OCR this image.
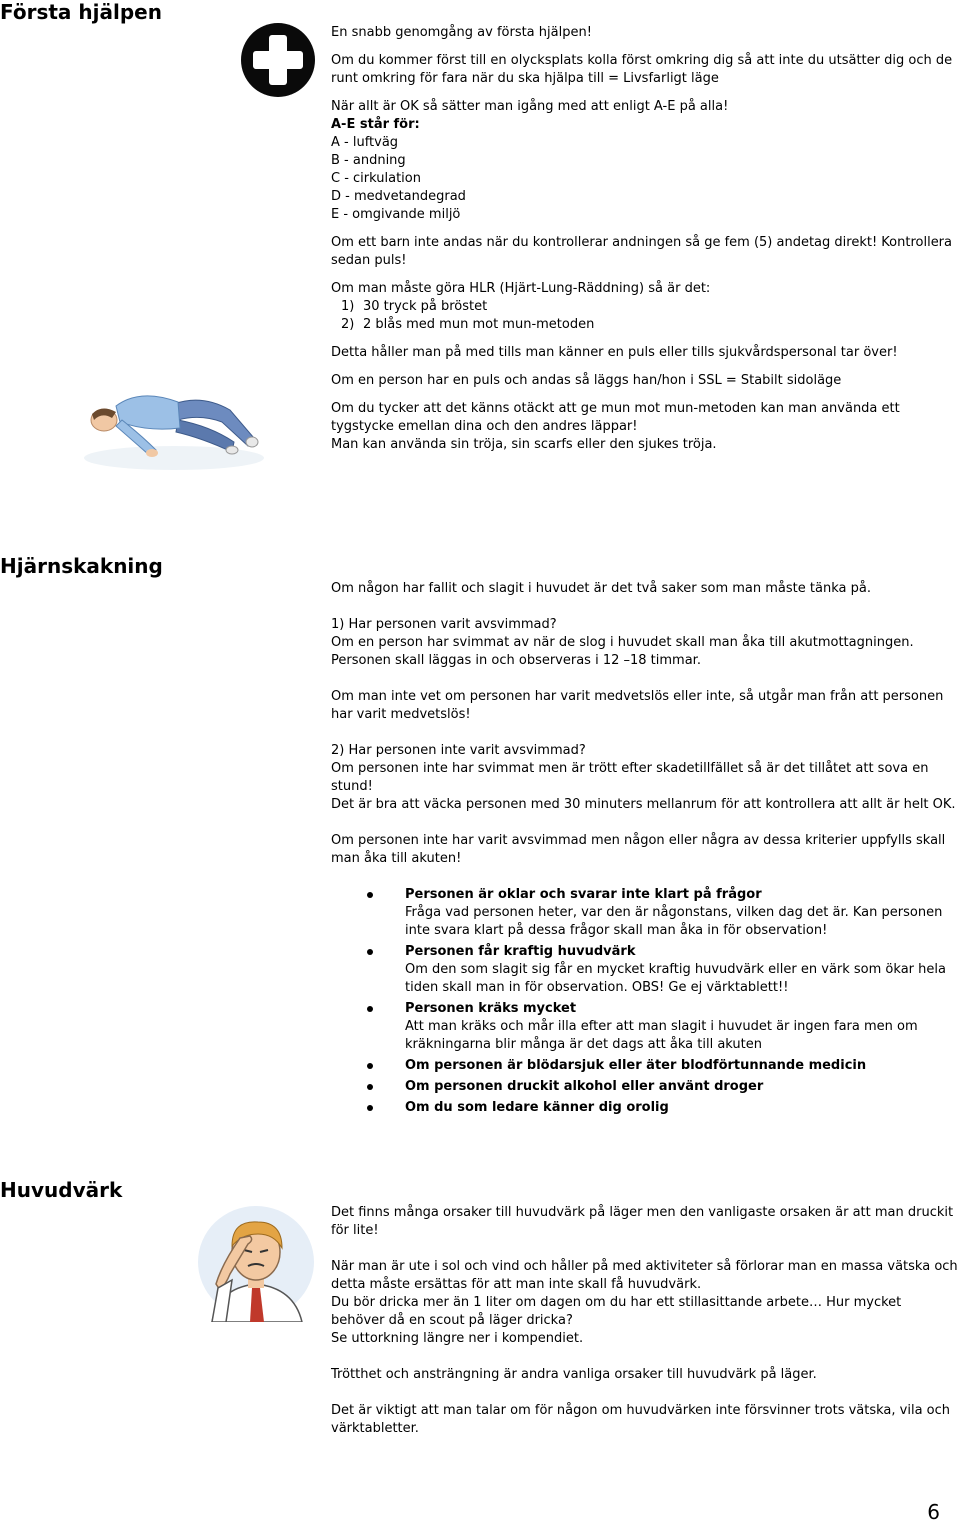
Första hjälpen

En snabb genomgång av första hjälpen!

Om du kommer först till en olycksplats kolla först omkring dig så att inte du utsätter dig och de runt omkring för fara när du ska hjälpa till = Livsfarligt läge

När allt är OK så sätter man igång med att enligt A-E på alla!

A-E står för:

A - luftväg

B - andning

C - cirkulation

D - medvetandegrad

E - omgivande miljö

Om ett barn inte andas när du kontrollerar andningen så ge fem (5) andetag direkt! Kontrollera sedan puls!

Om man måste göra HLR (Hjärt-Lung-Räddning) så är det:

1) 30 tryck på bröstet
2) 2 blås med mun mot mun-metoden

Detta håller man på med tills man känner en puls eller tills sjukvårdspersonal tar över!

Om en person har en puls och andas så läggs han/hon i SSL = Stabilt sidoläge

Om du tycker att det känns otäckt att ge mun mot mun-metoden kan man använda ett tygstycke emellan dina och den andres läppar!

Man kan använda sin tröja, sin scarfs eller den sjukes tröja.

Hjärnskakning

Om någon har fallit och slagit i huvudet är det två saker som man måste tänka på.

1) Har personen varit avsvimmad?

Om en person har svimmat av när de slog i huvudet skall man åka till akutmottagningen.

Personen skall läggas in och observeras i 12 –18 timmar.

Om man inte vet om personen har varit medvetslös eller inte, så utgår man från att personen har varit medvetslös!

2) Har personen inte varit avsvimmad?

Om personen inte har svimmat men är trött efter skadetillfället så är det tillåtet att sova en stund!

Det är bra att väcka personen med 30 minuters mellanrum för att kontrollera att allt är helt OK.

Om personen inte har varit avsvimmad men någon eller några av dessa kriterier uppfylls skall man åka till akuten!

Personen är oklar och svarar inte klart på frågor

Fråga vad personen heter, var den är någonstans, vilken dag det är. Kan personen inte svara klart på dessa frågor skall man åka in för observation!

Personen får kraftig huvudvärk

Om den som slagit sig får en mycket kraftig huvudvärk eller en värk som ökar hela tiden skall man in för observation. OBS! Ge ej värktablett!!

Personen kräks mycket

Att man kräks och mår illa efter att man slagit i huvudet är ingen fara men om kräkningarna blir många är det dags att åka till akuten

Om personen är blödarsjuk eller äter blodförtunnande medicin

Om personen druckit alkohol eller använt droger

Om du som ledare känner dig orolig

Huvudvärk

Det finns många orsaker till huvudvärk på läger men den vanligaste orsaken är att man druckit för lite!

När man är ute i sol och vind och håller på med aktiviteter så förlorar man en massa vätska och detta måste ersättas för att man inte skall få huvudvärk.

Du bör dricka mer än 1 liter om dagen om du har ett stillasittande arbete… Hur mycket behöver då en scout på läger dricka?

Se uttorkning längre ner i kompendiet.

Trötthet och ansträngning är andra vanliga orsaker till huvudvärk på läger.

Det är viktigt att man talar om för någon om huvudvärken inte försvinner trots vätska, vila och värktabletter.

6
